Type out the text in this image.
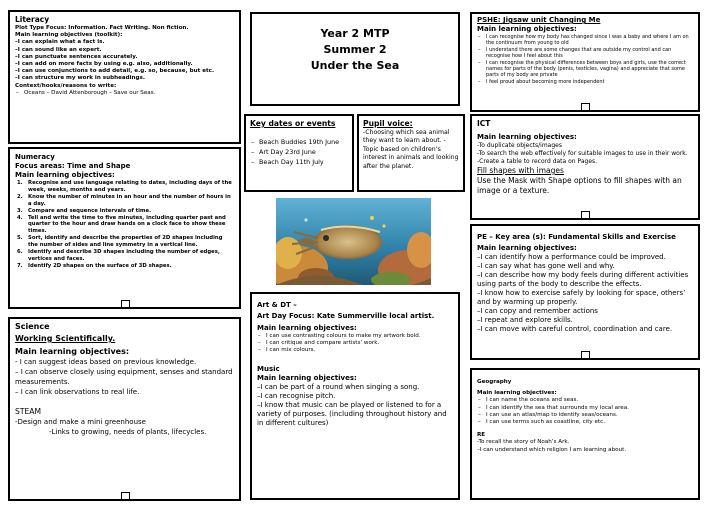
Literacy
Plot Type Focus: Information. Fact Writing. Non fiction.
Main learning objectives (toolkit):
–I can explain what a fact is.
–I can sound like an expert.
–I can punctuate sentences accurately.
–I can add on more facts by using e.g. also, additionally.
–I can use conjunctions to add detail, e.g. so, because, but etc.
–I can structure my work in subheadings.
Context/hooks/reasons to write:
– Oceans – David Attenborough – Save our Seas.
Year 2 MTP
Summer 2
Under the Sea
PSHE: Jigsaw unit Changing Me
Main learning objectives:
– I can recognise how my body has changed since I was a baby and where I am on the continuum from young to old
– I understand there are some changes that are outside my control and can recognise how I feel about this
– I can recognise the physical differences between boys and girls, use the correct names for parts of the body (penis, testicles, vagina) and appreciate that some parts of my body are private
– I feel proud about becoming more independent
Numeracy
Focus areas: Time and Shape
Main learning objectives:
1. Recognise and use language relating to dates, including days of the week, weeks, months and years.
2. Know the number of minutes in an hour and the number of hours in a day.
3. Compare and sequence intervals of time.
4. Tell and write the time to five minutes, including quarter past and quarter to the hour and draw hands on a clock face to show these times.
5. Sort, identify and describe the properties of 2D shapes including the number of sides and line symmetry in a vertical line.
6. Identify and describe 3D shapes including the number of edges, vertices and faces.
7. Identify 2D shapes on the surface of 3D shapes.
Key dates or events
– Beach Buddies 19th June
– Art Day 23rd June
– Beach Day 11th July
Pupil voice:
-Choosing which sea animal they want to learn about. -Topic based on children’s interest in animals and looking after the planet.
ICT
Main learning objectives:
-To duplicate objects/images
-To search the web effectively for suitable images to use in their work.
-Create a table to record data on Pages.
Fill shapes with images
Use the Mask with Shape options to fill shapes with an image or a texture.
Science
Working Scientifically.
Main learning objectives:
- I can suggest ideas based on previous knowledge.
– I can observe closely using equipment, senses and standard measurements.
– I can link observations to real life.
STEAM
-Design and make a mini greenhouse
-Links to growing, needs of plants, lifecycles.
Art & DT –
Art Day Focus: Kate Summerville local artist.
Main learning objectives:
– I can use contrasting colours to make my artwork bold.
– I can critique and compare artists’ work.
– I can mix colours.
Music
Main learning objectives:
–I can be part of a round when singing a song.
–I can recognise pitch.
–I know that music can be played or listened to for a variety of purposes. (including throughout history and in different cultures)
PE – Key area (s): Fundamental Skills and Exercise
Main learning objectives:
–I can identify how a performance could be improved.
–I can say what has gone well and why.
–I can describe how my body feels during different activities using parts of the body to describe the effects.
–I know how to exercise safely by looking for space, others’ and by warming up properly.
–I can copy and remember actions
–I repeat and explore skills.
–I can move with careful control, coordination and care.
Geography
Main learning objectives:
– I can name the oceans and seas.
– I can identify the sea that surrounds my local area.
– I can use an atlas/map to identify seas/oceans.
– I can use terms such as coastline, city etc.
RE
-To recall the story of Noah’s Ark.
–I can understand which religion I am learning about.
